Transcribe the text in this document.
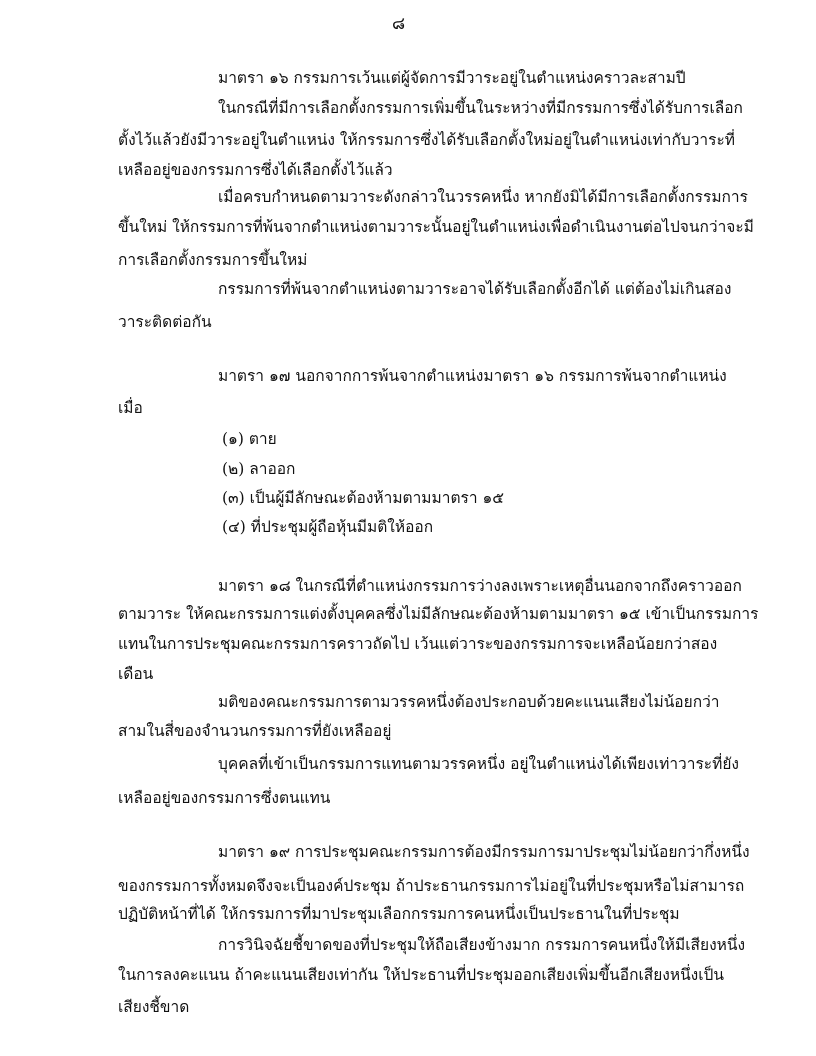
๘
มาตรา ๑๖ กรรมการเว้นแต่ผู้จัดการมีวาระอยู่ในตำแหน่งคราวละสามปี
ในกรณีที่มีการเลือกตั้งกรรมการเพิ่มขึ้นในระหว่างที่มีกรรมการซึ่งได้รับการเลือก
ตั้งไว้แล้วยังมีวาระอยู่ในตำแหน่ง ให้กรรมการซึ่งได้รับเลือกตั้งใหม่อยู่ในตำแหน่งเท่ากับวาระที่
เหลืออยู่ของกรรมการซึ่งได้เลือกตั้งไว้แล้ว
เมื่อครบกำหนดตามวาระดังกล่าวในวรรคหนึ่ง หากยังมิได้มีการเลือกตั้งกรรมการ
ขึ้นใหม่ ให้กรรมการที่พ้นจากตำแหน่งตามวาระนั้นอยู่ในตำแหน่งเพื่อดำเนินงานต่อไปจนกว่าจะมี
การเลือกตั้งกรรมการขึ้นใหม่
กรรมการที่พ้นจากตำแหน่งตามวาระอาจได้รับเลือกตั้งอีกได้ แต่ต้องไม่เกินสอง
วาระติดต่อกัน
มาตรา ๑๗ นอกจากการพ้นจากตำแหน่งมาตรา ๑๖ กรรมการพ้นจากตำแหน่ง
เมื่อ
(๑) ตาย
(๒) ลาออก
(๓) เป็นผู้มีลักษณะต้องห้ามตามมาตรา ๑๕
(๔) ที่ประชุมผู้ถือหุ้นมีมติให้ออก
มาตรา ๑๘ ในกรณีที่ตำแหน่งกรรมการว่างลงเพราะเหตุอื่นนอกจากถึงคราวออก
ตามวาระ ให้คณะกรรมการแต่งตั้งบุคคลซึ่งไม่มีลักษณะต้องห้ามตามมาตรา ๑๕ เข้าเป็นกรรมการ
แทนในการประชุมคณะกรรมการคราวถัดไป เว้นแต่วาระของกรรมการจะเหลือน้อยกว่าสอง
เดือน
มติของคณะกรรมการตามวรรคหนึ่งต้องประกอบด้วยคะแนนเสียงไม่น้อยกว่า
สามในสี่ของจำนวนกรรมการที่ยังเหลืออยู่
บุคคลที่เข้าเป็นกรรมการแทนตามวรรคหนึ่ง อยู่ในตำแหน่งได้เพียงเท่าวาระที่ยัง
เหลืออยู่ของกรรมการซึ่งตนแทน
มาตรา ๑๙ การประชุมคณะกรรมการต้องมีกรรมการมาประชุมไม่น้อยกว่ากึ่งหนึ่ง
ของกรรมการทั้งหมดจึงจะเป็นองค์ประชุม ถ้าประธานกรรมการไม่อยู่ในที่ประชุมหรือไม่สามารถ
ปฏิบัติหน้าที่ได้ ให้กรรมการที่มาประชุมเลือกกรรมการคนหนึ่งเป็นประธานในที่ประชุม
การวินิจฉัยชี้ขาดของที่ประชุมให้ถือเสียงข้างมาก กรรมการคนหนึ่งให้มีเสียงหนึ่ง
ในการลงคะแนน ถ้าคะแนนเสียงเท่ากัน ให้ประธานที่ประชุมออกเสียงเพิ่มขึ้นอีกเสียงหนึ่งเป็น
เสียงชี้ขาด
